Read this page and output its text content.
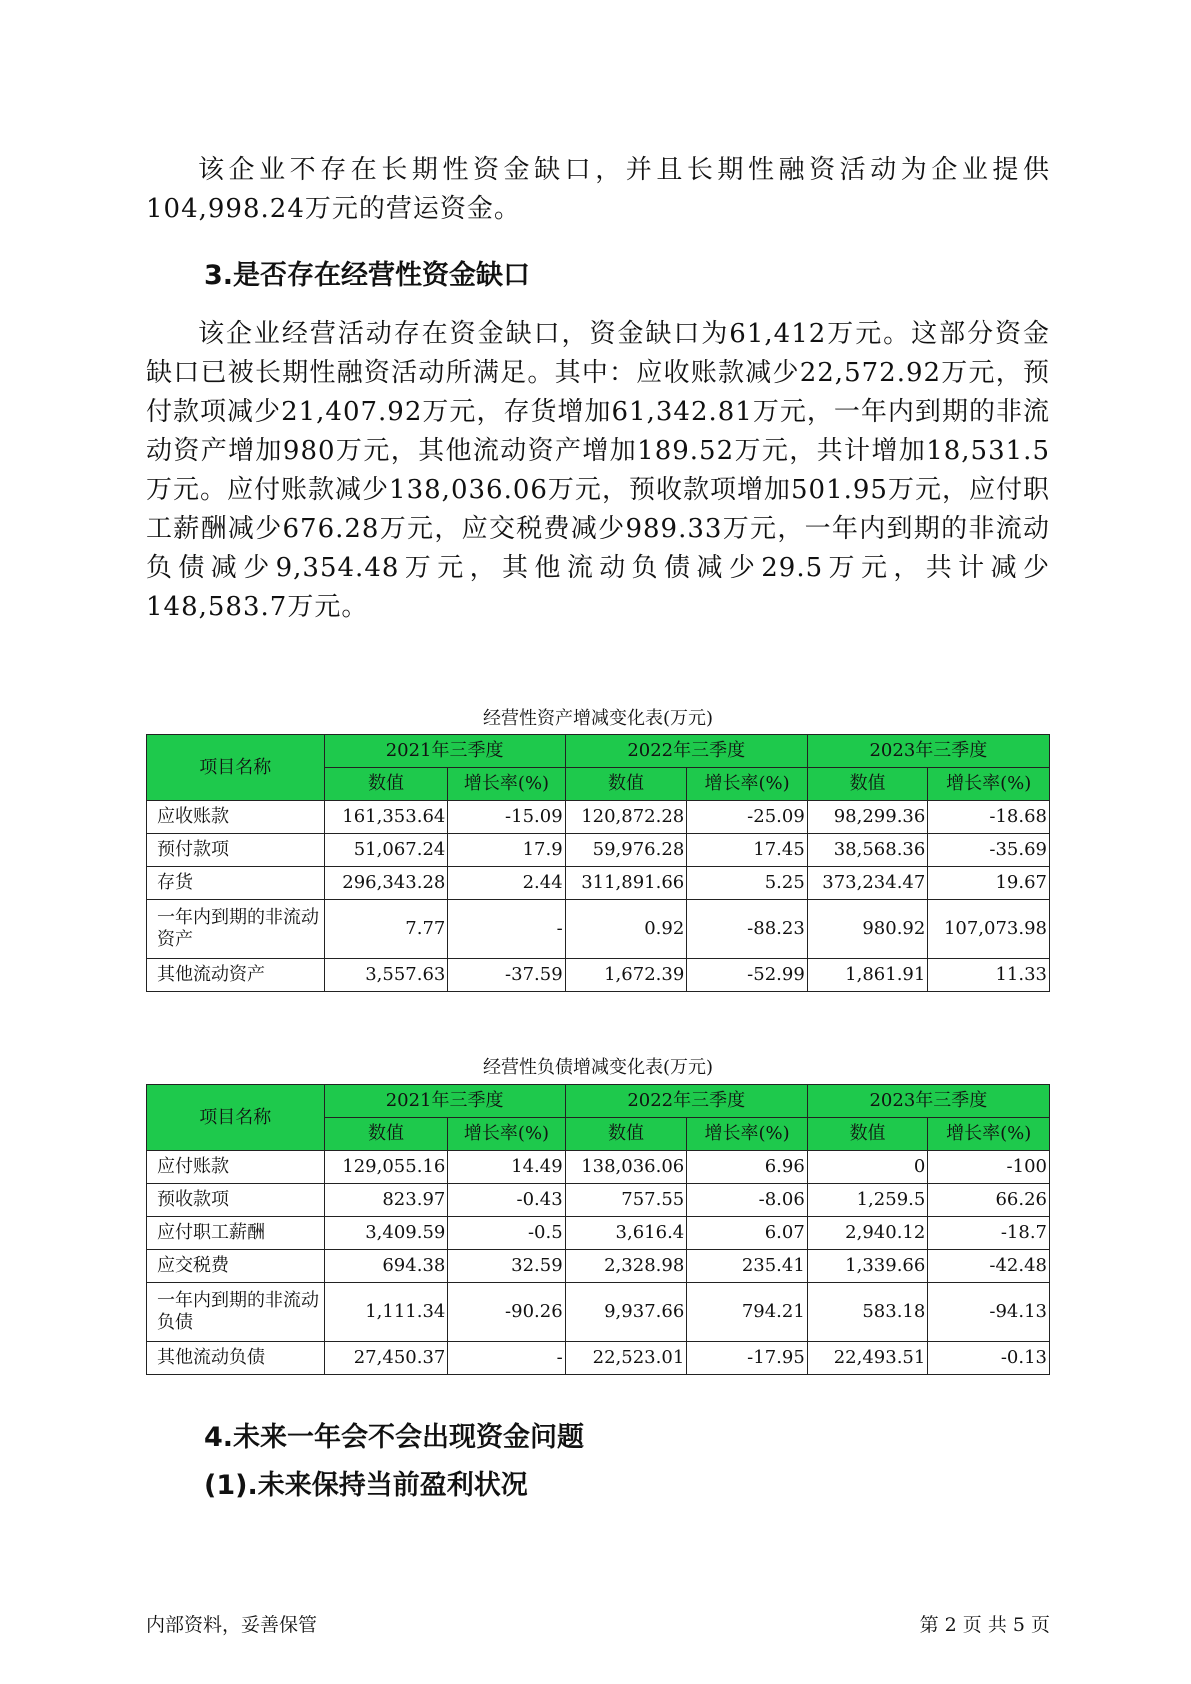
该企业不存在长期性资金缺口，并且长期性融资活动为企业提供104,998.24万元的营运资金。

3.是否存在经营性资金缺口

该企业经营活动存在资金缺口，资金缺口为61,412万元。这部分资金缺口已被长期性融资活动所满足。其中：应收账款减少22,572.92万元，预付款项减少21,407.92万元，存货增加61,342.81万元，一年内到期的非流动资产增加980万元，其他流动资产增加189.52万元，共计增加18,531.5万元。应付账款减少138,036.06万元，预收款项增加501.95万元，应付职工薪酬减少676.28万元，应交税费减少989.33万元，一年内到期的非流动负债减少9,354.48万元，其他流动负债减少29.5万元，共计减少148,583.7万元。

经营性资产增减变化表(万元)
项目名称	2021年三季度		2022年三季度		2023年三季度	
	数值	增长率(%)	数值	增长率(%)	数值	增长率(%)
应收账款	161,353.64	-15.09	120,872.28	-25.09	98,299.36	-18.68
预付款项	51,067.24	17.9	59,976.28	17.45	38,568.36	-35.69
存货	296,343.28	2.44	311,891.66	5.25	373,234.47	19.67
一年内到期的非流动资产	7.77	-	0.92	-88.23	980.92	107,073.98
其他流动资产	3,557.63	-37.59	1,672.39	-52.99	1,861.91	11.33
经营性负债增减变化表(万元)
项目名称	2021年三季度		2022年三季度		2023年三季度	
	数值	增长率(%)	数值	增长率(%)	数值	增长率(%)
应付账款	129,055.16	14.49	138,036.06	6.96	0	-100
预收款项	823.97	-0.43	757.55	-8.06	1,259.5	66.26
应付职工薪酬	3,409.59	-0.5	3,616.4	6.07	2,940.12	-18.7
应交税费	694.38	32.59	2,328.98	235.41	1,339.66	-42.48
一年内到期的非流动负债	1,111.34	-90.26	9,937.66	794.21	583.18	-94.13
其他流动负债	27,450.37	-	22,523.01	-17.95	22,493.51	-0.13
4.未来一年会不会出现资金问题
(1).未来保持当前盈利状况
内部资料，妥善保管	第 2 页 共 5 页
